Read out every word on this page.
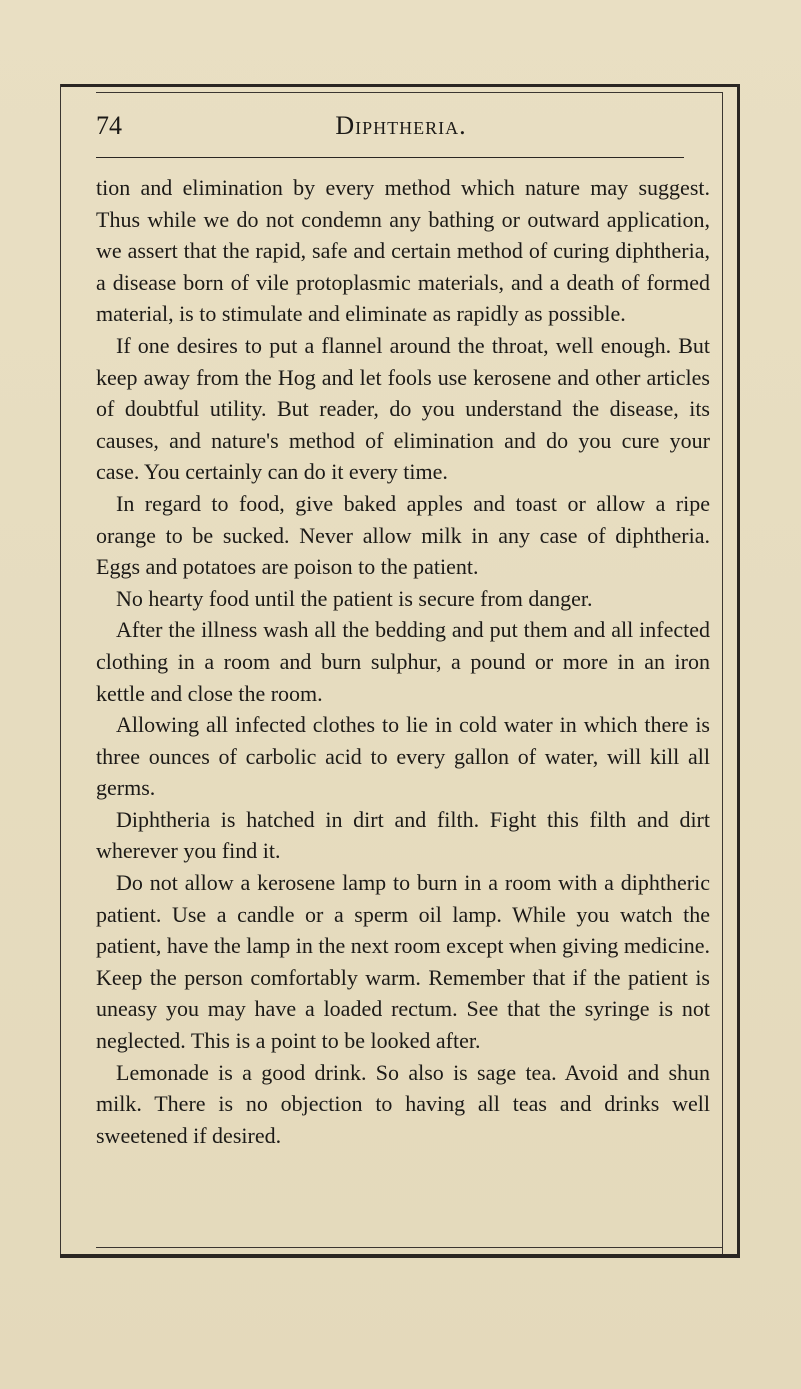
74	Diphtheria.

tion and elimination by every method which nature may suggest. Thus while we do not condemn any bathing or outward application, we assert that the rapid, safe and certain method of curing diphtheria, a disease born of vile protoplasmic materials, and a death of formed material, is to stimulate and eliminate as rapidly as possible.

If one desires to put a flannel around the throat, well enough. But keep away from the Hog and let fools use kerosene and other articles of doubtful utility. But reader, do you understand the disease, its causes, and nature's method of elimination and do you cure your case. You certainly can do it every time.

In regard to food, give baked apples and toast or allow a ripe orange to be sucked. Never allow milk in any case of diphtheria. Eggs and potatoes are poison to the patient.

No hearty food until the patient is secure from danger.

After the illness wash all the bedding and put them and all infected clothing in a room and burn sulphur, a pound or more in an iron kettle and close the room.

Allowing all infected clothes to lie in cold water in which there is three ounces of carbolic acid to every gallon of water, will kill all germs.

Diphtheria is hatched in dirt and filth. Fight this filth and dirt wherever you find it.

Do not allow a kerosene lamp to burn in a room with a diphtheric patient. Use a candle or a sperm oil lamp. While you watch the patient, have the lamp in the next room except when giving medicine. Keep the person comfortably warm. Remember that if the patient is uneasy you may have a loaded rectum. See that the syringe is not neglected. This is a point to be looked after.

Lemonade is a good drink. So also is sage tea. Avoid and shun milk. There is no objection to having all teas and drinks well sweetened if desired.
